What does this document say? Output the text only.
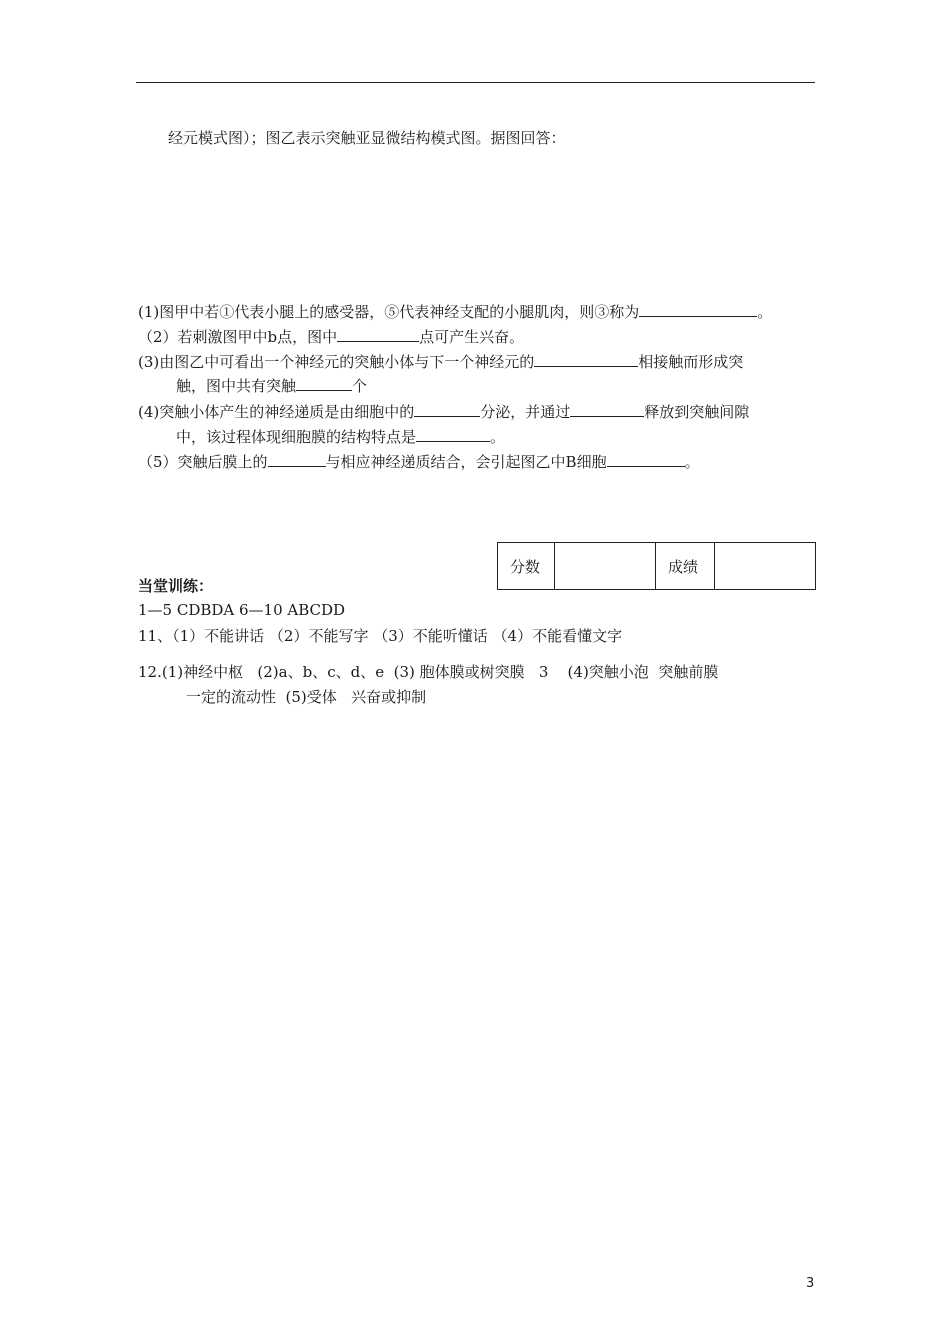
经元模式图）；图乙表示突触亚显微结构模式图。据图回答：
(1)图甲中若①代表小腿上的感受器，⑤代表神经支配的小腿肌肉，则③称为	。
（2）若刺激图甲中b点，图中	点可产生兴奋。
(3)由图乙中可看出一个神经元的突触小体与下一个神经元的	相接触而形成突
触，图中共有突触	个
(4)突触小体产生的神经递质是由细胞中的	分泌，并通过	释放到突触间隙
中，该过程体现细胞膜的结构特点是	。
（5）突触后膜上的	与相应神经递质结合，会引起图乙中B细胞	。
分数		成绩	
当堂训练：
1—5 CDBDA 6—10 ABCDD
11、（1）不能讲话 （2）不能写字 （3）不能听懂话 （4）不能看懂文字
12.(1)神经中枢   (2)a、b、c、d、e  (3) 胞体膜或树突膜   3    (4)突触小泡  突触前膜
一定的流动性  (5)受体   兴奋或抑制
3
